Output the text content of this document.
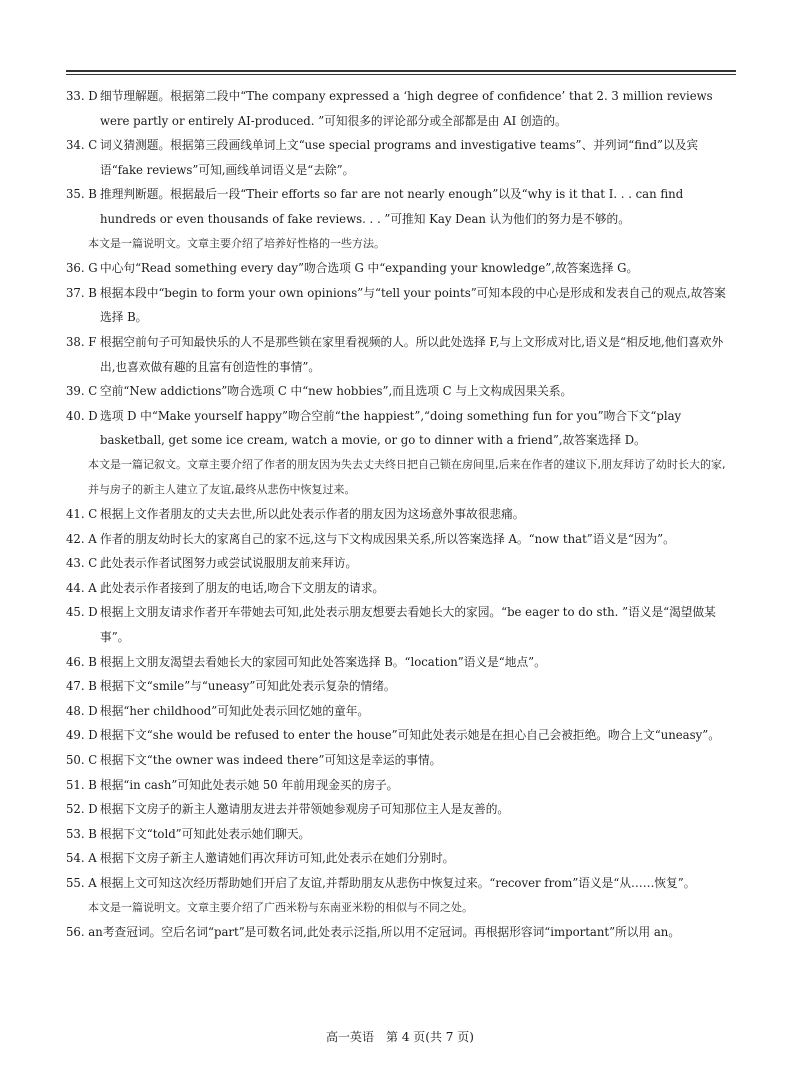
33. D 细节理解题。根据第二段中“The company expressed a ‘high degree of confidence’ that 2. 3 million reviews were partly or entirely AI-produced. ”可知很多的评论部分或全部都是由 AI 创造的。
34. C 词义猜测题。根据第三段画线单词上文“use special programs and investigative teams”、并列词“find”以及宾语“fake reviews”可知,画线单词语义是“去除”。
35. B 推理判断题。根据最后一段“Their efforts so far are not nearly enough”以及“why is it that I. . . can find hundreds or even thousands of fake reviews. . . ”可推知 Kay Dean 认为他们的努力是不够的。

本文是一篇说明文。文章主要介绍了培养好性格的一些方法。

36. G 中心句“Read something every day”吻合选项 G 中“expanding your knowledge”,故答案选择 G。
37. B 根据本段中“begin to form your own opinions”与“tell your points”可知本段的中心是形成和发表自己的观点,故答案选择 B。
38. F 根据空前句子可知最快乐的人不是那些锁在家里看视频的人。所以此处选择 F,与上文形成对比,语义是“相反地,他们喜欢外出,也喜欢做有趣的且富有创造性的事情”。
39. C 空前“New addictions”吻合选项 C 中“new hobbies”,而且选项 C 与上文构成因果关系。
40. D 选项 D 中“Make yourself happy”吻合空前“the happiest”,“doing something fun for you”吻合下文“play basketball, get some ice cream, watch a movie, or go to dinner with a friend”,故答案选择 D。

本文是一篇记叙文。文章主要介绍了作者的朋友因为失去丈夫终日把自己锁在房间里,后来在作者的建议下,朋友拜访了幼时长大的家,并与房子的新主人建立了友谊,最终从悲伤中恢复过来。

41. C 根据上文作者朋友的丈夫去世,所以此处表示作者的朋友因为这场意外事故很悲痛。
42. A 作者的朋友幼时长大的家离自己的家不远,这与下文构成因果关系,所以答案选择 A。“now that”语义是“因为”。
43. C 此处表示作者试图努力或尝试说服朋友前来拜访。
44. A 此处表示作者接到了朋友的电话,吻合下文朋友的请求。
45. D 根据上文朋友请求作者开车带她去可知,此处表示朋友想要去看她长大的家园。“be eager to do sth. ”语义是“渴望做某事”。
46. B 根据上文朋友渴望去看她长大的家园可知此处答案选择 B。“location”语义是“地点”。
47. B 根据下文“smile”与“uneasy”可知此处表示复杂的情绪。
48. D 根据“her childhood”可知此处表示回忆她的童年。
49. D 根据下文“she would be refused to enter the house”可知此处表示她是在担心自己会被拒绝。吻合上文“uneasy”。
50. C 根据下文“the owner was indeed there”可知这是幸运的事情。
51. B 根据“in cash”可知此处表示她 50 年前用现金买的房子。
52. D 根据下文房子的新主人邀请朋友进去并带领她参观房子可知那位主人是友善的。
53. B 根据下文“told”可知此处表示她们聊天。
54. A 根据下文房子新主人邀请她们再次拜访可知,此处表示在她们分别时。
55. A 根据上文可知这次经历帮助她们开启了友谊,并帮助朋友从悲伤中恢复过来。“recover from”语义是“从……恢复”。

本文是一篇说明文。文章主要介绍了广西米粉与东南亚米粉的相似与不同之处。

56. an 考查冠词。空后名词“part”是可数名词,此处表示泛指,所以用不定冠词。再根据形容词“important”所以用 an。
高一英语　第 4 页(共 7 页)
